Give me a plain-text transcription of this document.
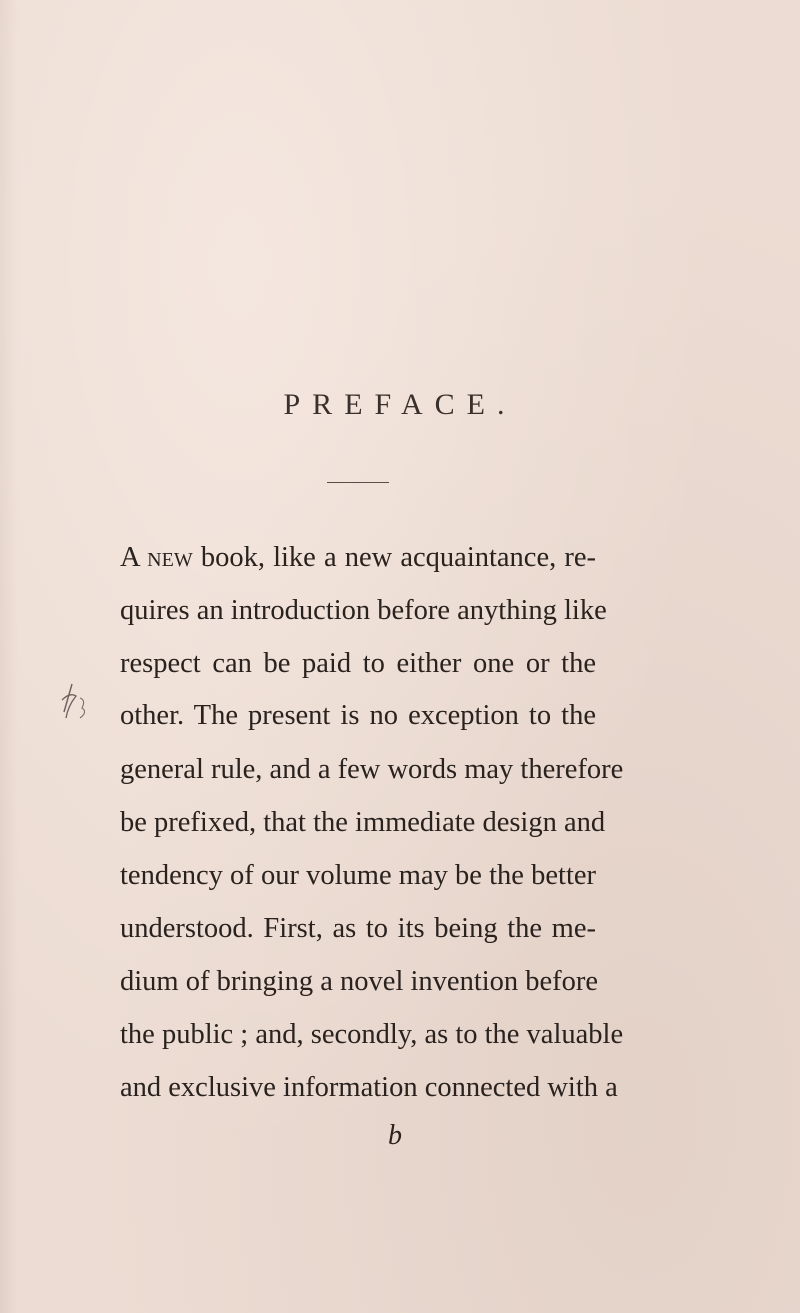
PREFACE.
A new book, like a new acquaintance, re-
quires an introduction before anything like
respect can be paid to either one or the
other. The present is no exception to the
general rule, and a few words may therefore
be prefixed, that the immediate design and
tendency of our volume may be the better
understood. First, as to its being the me-
dium of bringing a novel invention before
the public ; and, secondly, as to the valuable
and exclusive information connected with a
b
